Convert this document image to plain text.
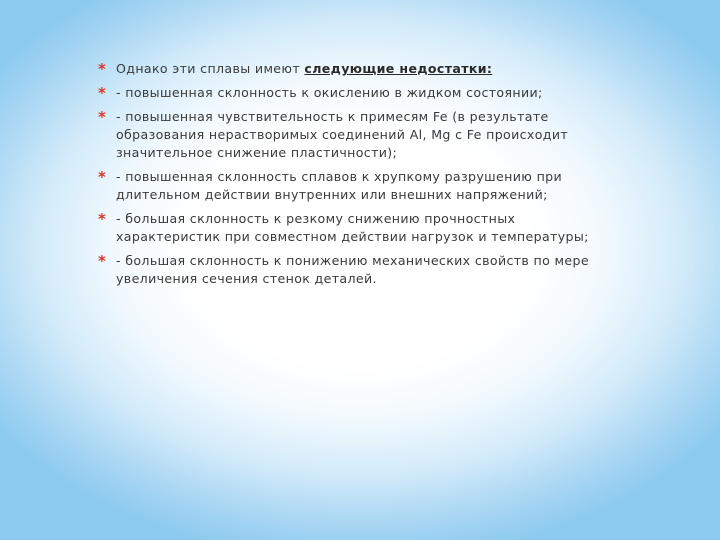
* Однако эти сплавы имеют следующие недостатки:
* - повышенная склонность к окислению в жидком состоянии;
* - повышенная чувствительность к примесям Fe (в результате образования нерастворимых соединений Al, Mg с Fe происходит значительное снижение пластичности);
* - повышенная склонность сплавов к хрупкому разрушению при длительном действии внутренних или внешних напряжений;
* - большая склонность к резкому снижению прочностных характеристик при совместном действии нагрузок и температуры;
* - большая склонность к понижению механических свойств по мере увеличения сечения стенок деталей.
